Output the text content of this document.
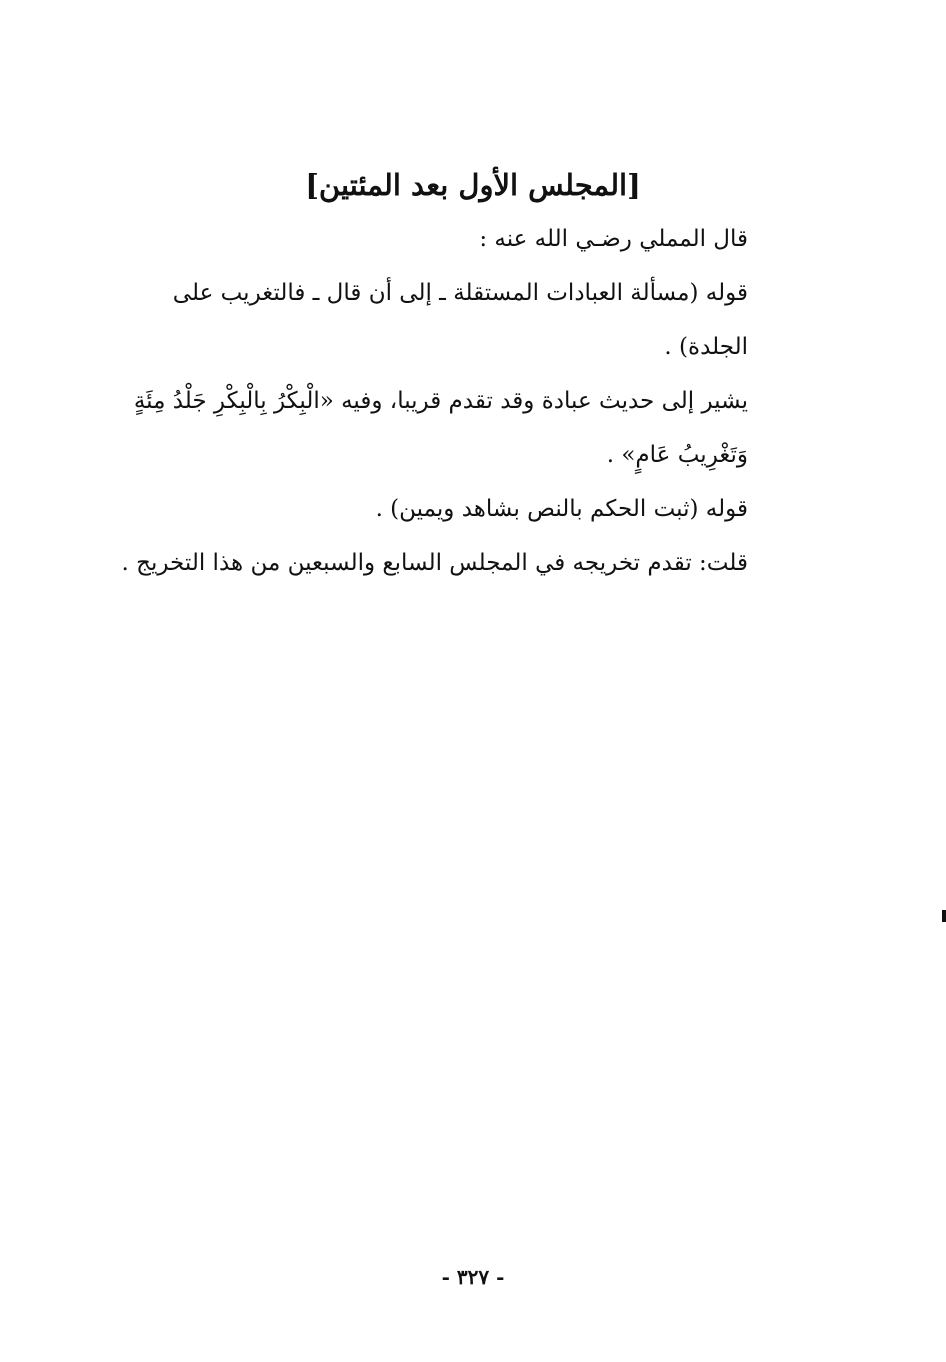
[المجلس الأول بعد المئتين]

قال المملي رضـي الله عنه :

قوله (مسألة العبادات المستقلة ـ إلى أن قال ـ فالتغريب على الجلدة) .

يشير إلى حديث عبادة وقد تقدم قريبا، وفيه «الْبِكْرُ بِالْبِكْرِ جَلْدُ مِئَةٍ وَتَغْرِيبُ عَامٍ» .

قوله (ثبت الحكم بالنص بشاهد ويمين) .

قلت: تقدم تخريجه في المجلس السابع والسبعين من هذا التخريج .

- ٣٢٧ -
